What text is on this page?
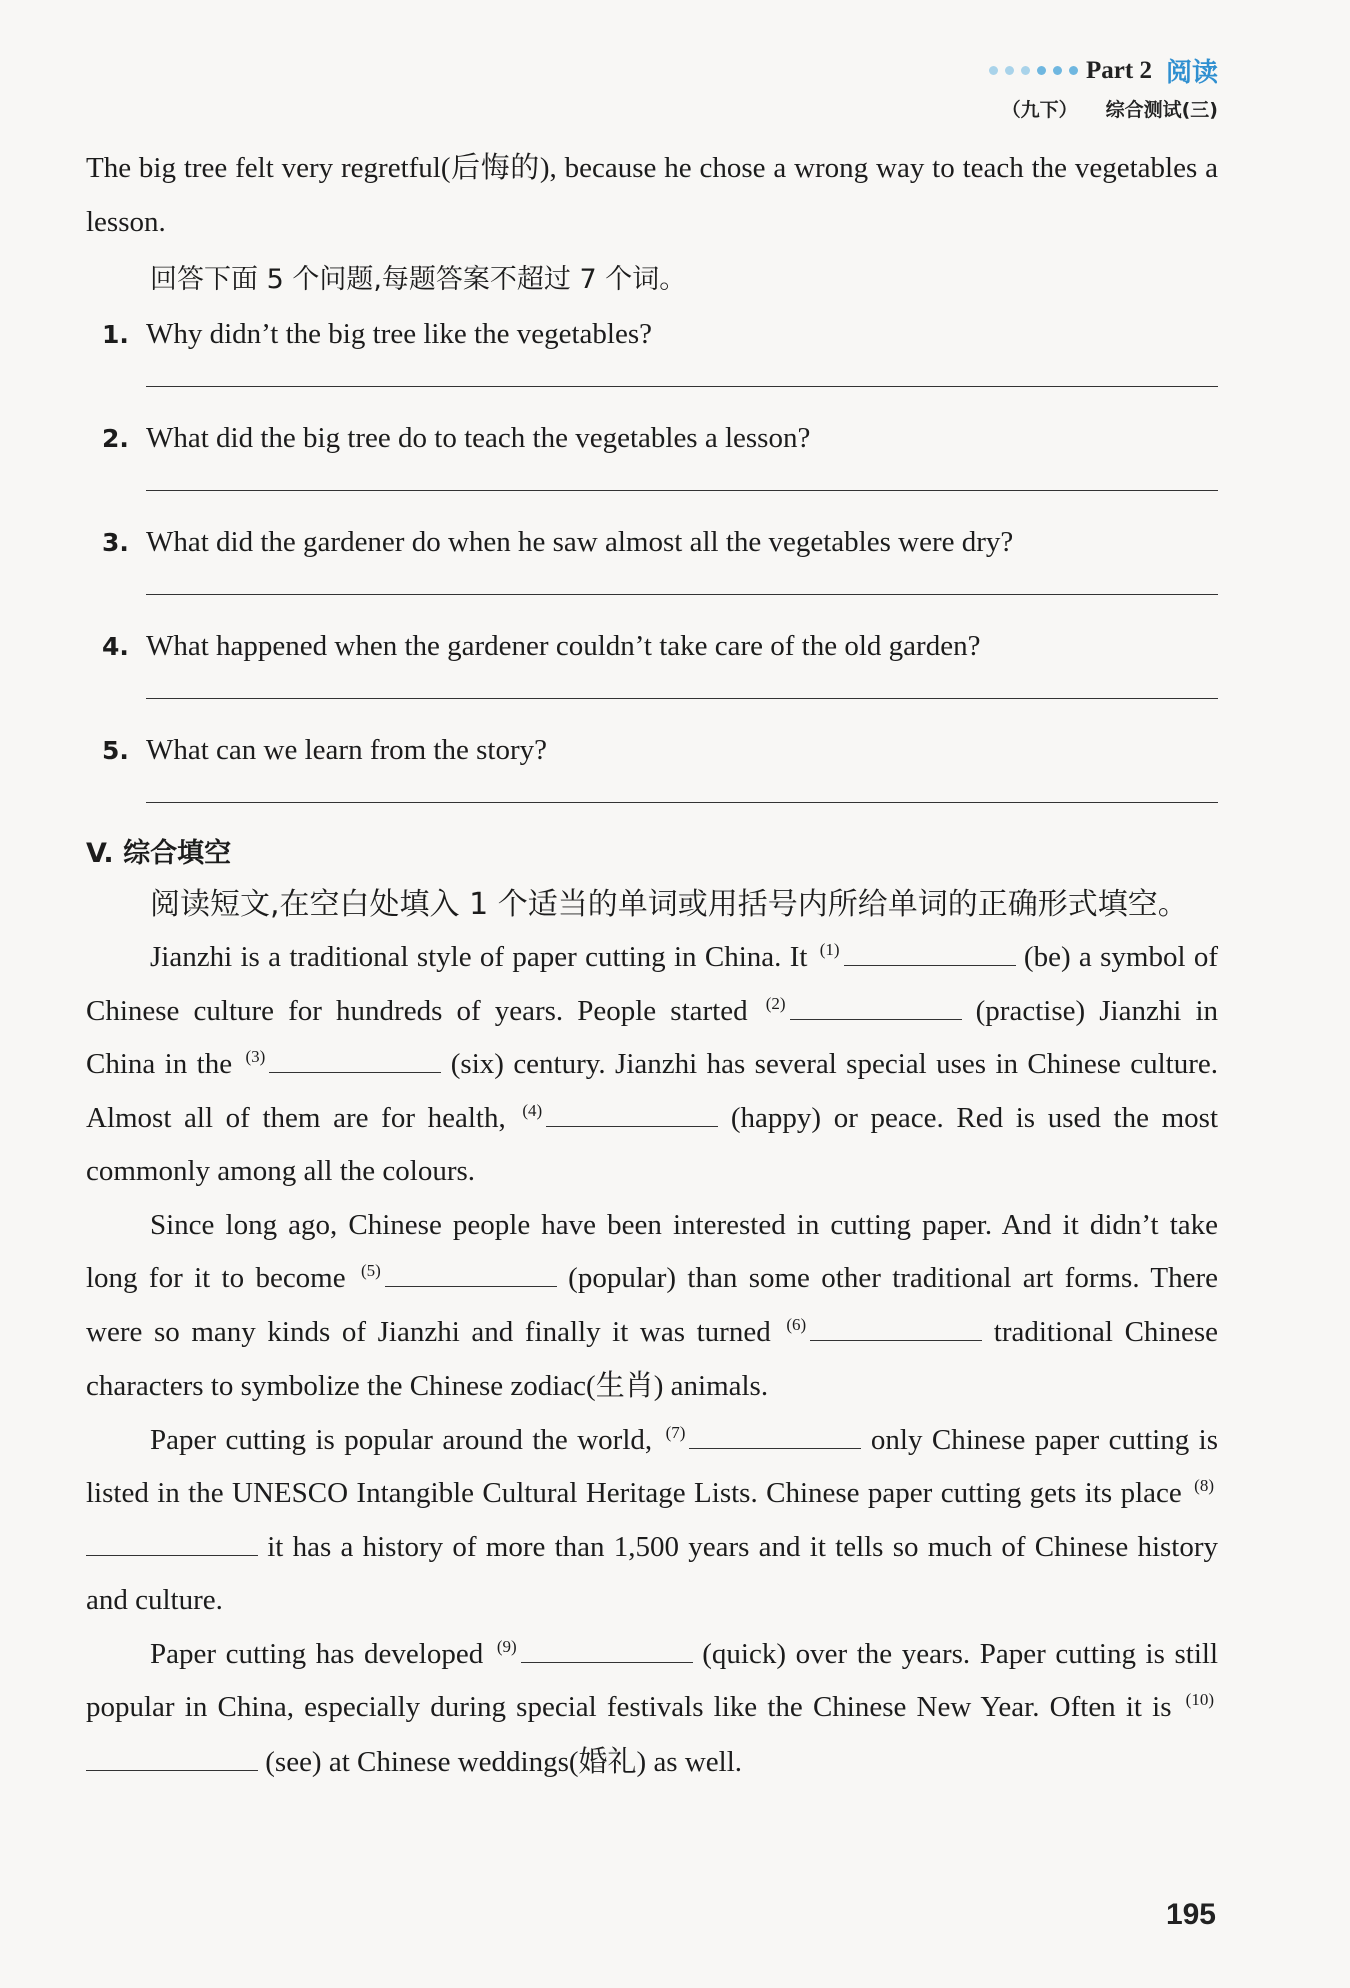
Part 2 阅读
（九下） 综合测试(三)

The big tree felt very regretful(后悔的), because he chose a wrong way to teach the vegetables a lesson.

回答下面 5 个问题,每题答案不超过 7 个词。

1. Why didn’t the big tree like the vegetables?
2. What did the big tree do to teach the vegetables a lesson?
3. What did the gardener do when he saw almost all the vegetables were dry?
4. What happened when the gardener couldn’t take care of the old garden?
5. What can we learn from the story?
V. 综合填空

阅读短文,在空白处填入 1 个适当的单词或用括号内所给单词的正确形式填空。

Jianzhi is a traditional style of paper cutting in China. It $^{(1)}$	(be) a symbol of Chinese culture for hundreds of years. People started $^{(2)}$	(practise) Jianzhi in China in the $^{(3)}$	(six) century. Jianzhi has several special uses in Chinese culture. Almost all of them are for health, $^{(4)}$	(happy) or peace. Red is used the most commonly among all the colours.

Since long ago, Chinese people have been interested in cutting paper. And it didn’t take long for it to become $^{(5)}$	(popular) than some other traditional art forms. There were so many kinds of Jianzhi and finally it was turned $^{(6)}$	traditional Chinese characters to symbolize the Chinese zodiac(生肖) animals.

Paper cutting is popular around the world, $^{(7)}$	only Chinese paper cutting is listed in the UNESCO Intangible Cultural Heritage Lists. Chinese paper cutting gets its place $^{(8)}$ it has a history of more than 1,500 years and it tells so much of Chinese history and culture.

Paper cutting has developed $^{(9)}$	(quick) over the years. Paper cutting is still popular in China, especially during special festivals like the Chinese New Year. Often it is $^{(10)}$ (see) at Chinese weddings(婚礼) as well.

195
